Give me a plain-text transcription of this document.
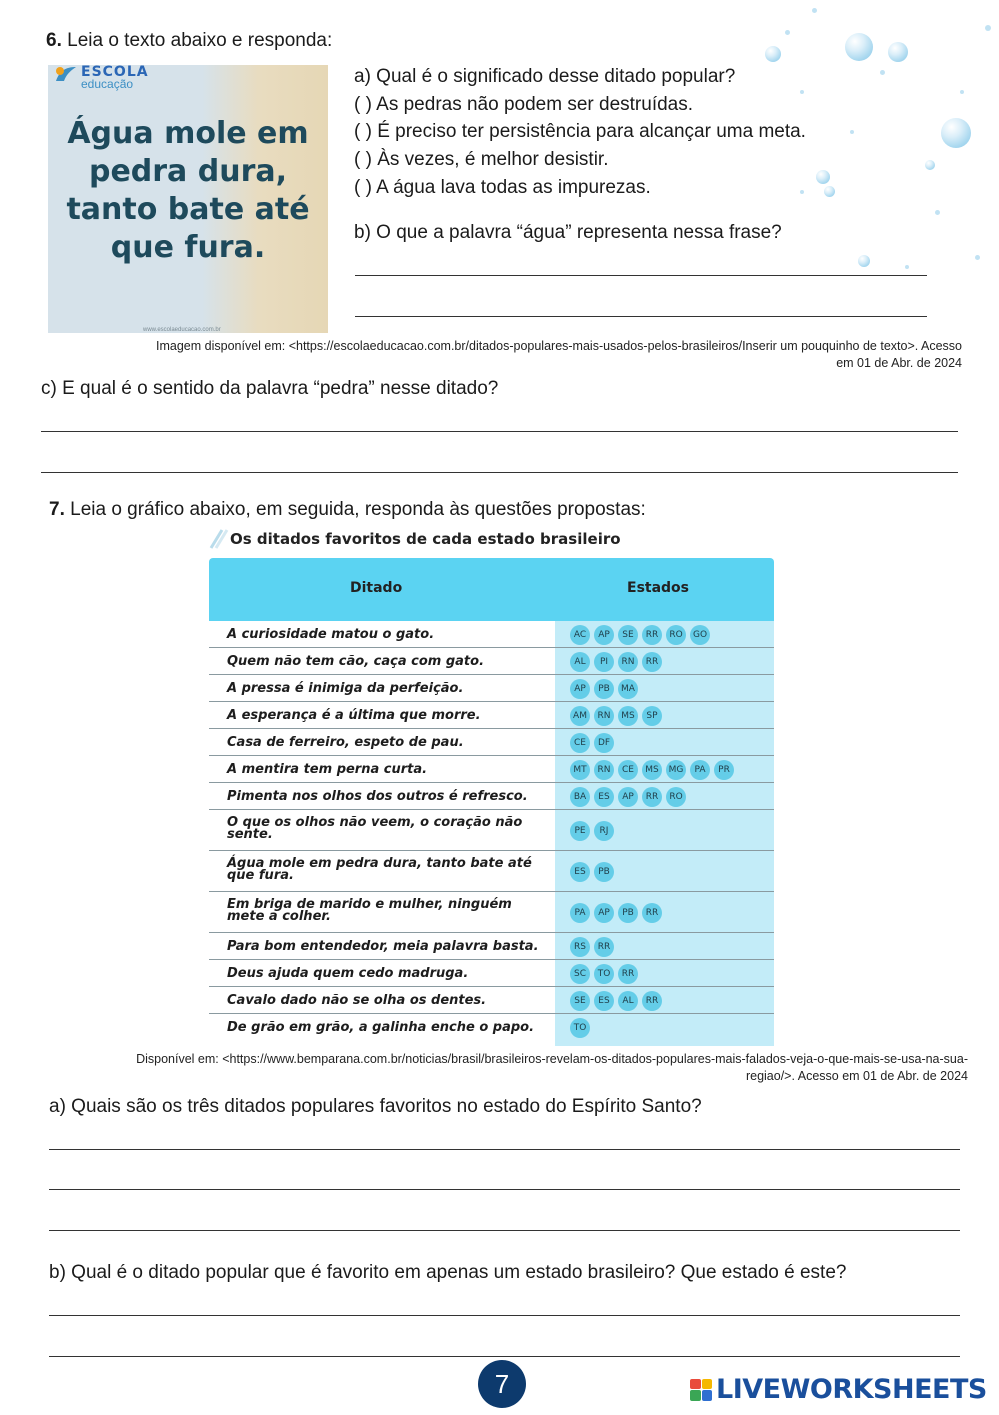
6. Leia o texto abaixo e responda:
ESCOLA
educação
Água mole em
pedra dura,
tanto bate até
que fura.
www.escolaeducacao.com.br
a) Qual é o significado desse ditado popular?
( ) As pedras não podem ser destruídas.
( ) É preciso ter persistência para alcançar uma meta.
( ) Às vezes, é melhor desistir.
( ) A água lava todas as impurezas.
b) O que a palavra “água” representa nessa frase?
Imagem disponível em: <https://escolaeducacao.com.br/ditados-populares-mais-usados-pelos-brasileiros/Inserir um pouquinho de texto>. Acesso
em 01 de Abr. de 2024
c) E qual é o sentido da palavra “pedra” nesse ditado?
7. Leia o gráfico abaixo, em seguida, responda às questões propostas:
Os ditados favoritos de cada estado brasileiro
Ditado	Estados
A curiosidade matou o gato.	AC	AP	SE	RR	RO	GO
Quem não tem cão, caça com gato.	AL	PI	RN	RR
A pressa é inimiga da perfeição.	AP	PB	MA
A esperança é a última que morre.	AM	RN	MS	SP
Casa de ferreiro, espeto de pau.	CE	DF
A mentira tem perna curta.	MT	RN	CE	MS	MG	PA	PR
Pimenta nos olhos dos outros é refresco.	BA	ES	AP	RR	RO
O que os olhos não veem, o coração não sente.	PE	RJ
Água mole em pedra dura, tanto bate até que fura.	ES	PB
Em briga de marido e mulher, ninguém mete a colher.	PA	AP	PB	RR
Para bom entendedor, meia palavra basta.	RS	RR
Deus ajuda quem cedo madruga.	SC	TO	RR
Cavalo dado não se olha os dentes.	SE	ES	AL	RR
De grão em grão, a galinha enche o papo.	TO
Disponível em: <https://www.bemparana.com.br/noticias/brasil/brasileiros-revelam-os-ditados-populares-mais-falados-veja-o-que-mais-se-usa-na-sua-
regiao/>. Acesso em 01 de Abr. de 2024
a) Quais são os três ditados populares favoritos no estado do Espírito Santo?
b) Qual é o ditado popular que é favorito em apenas um estado brasileiro? Que estado é este?
7	LIVEWORKSHEETS
